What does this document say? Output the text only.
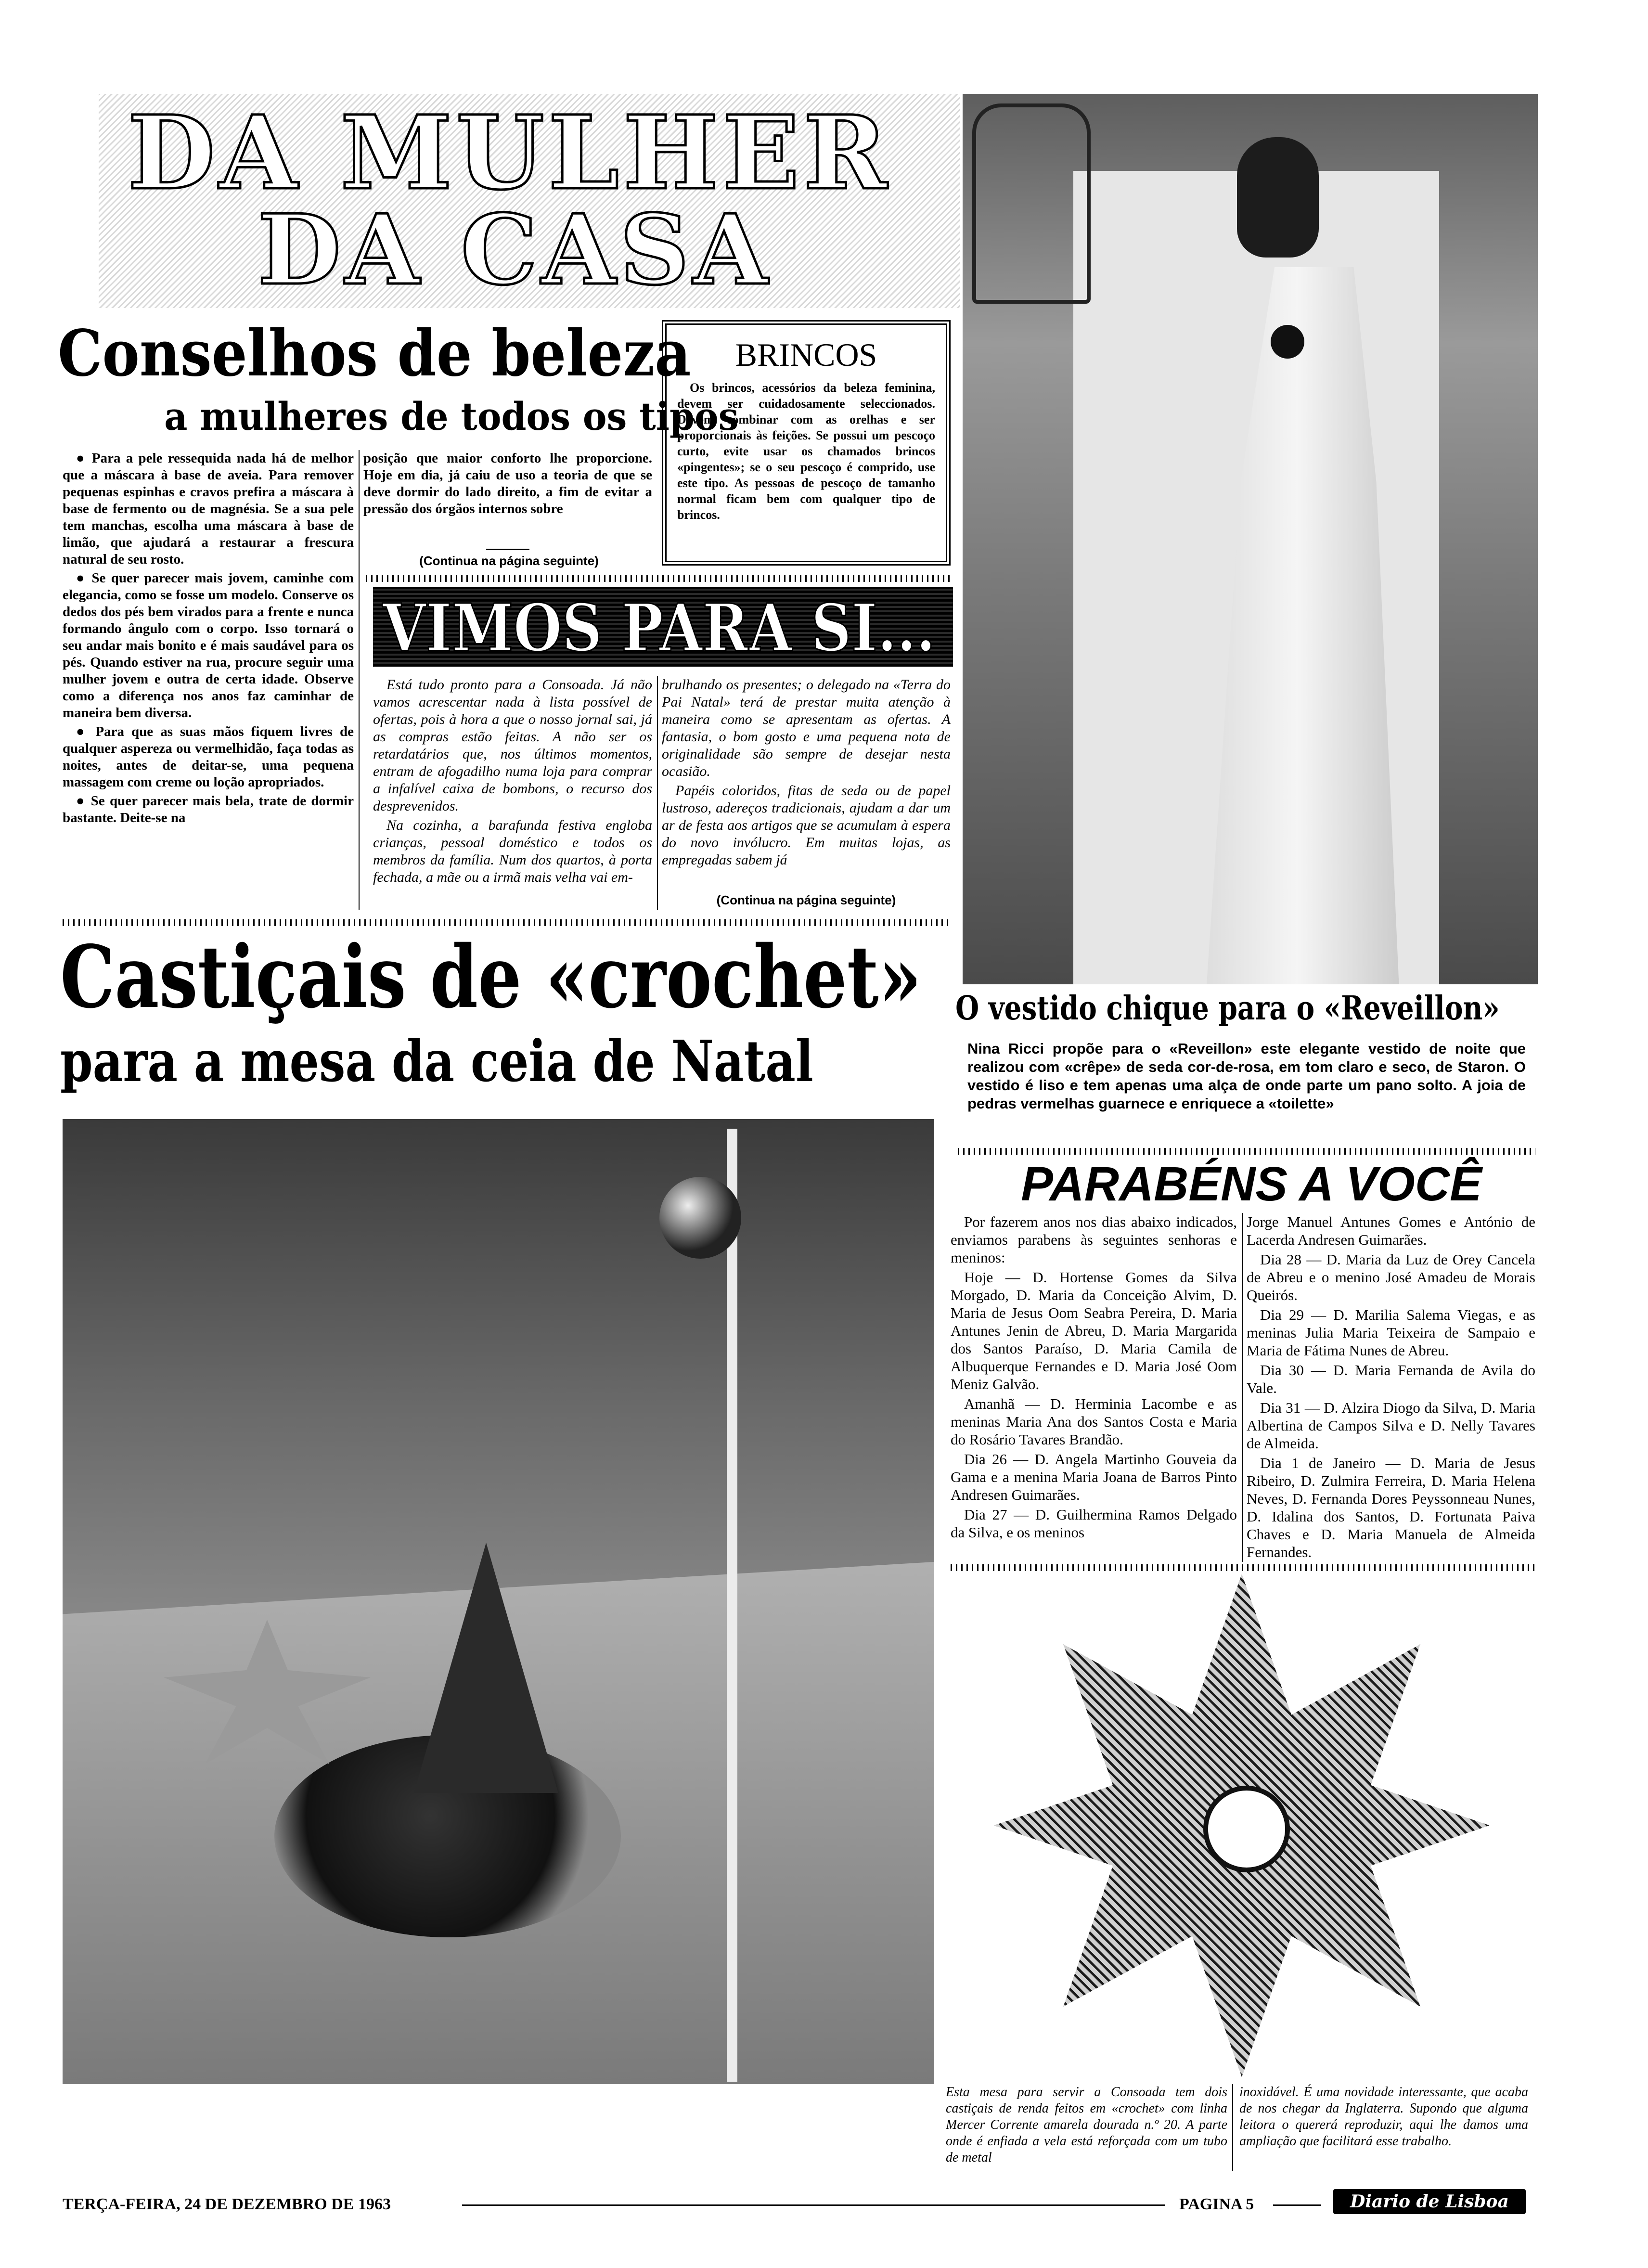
DA MULHER
DA CASA
Conselhos de beleza
a mulheres de todos os tipos

● Para a pele ressequida nada há de melhor que a máscara à base de aveia. Para remover pequenas espinhas e cravos prefira a máscara à base de fermento ou de magnésia. Se a sua pele tem manchas, escolha uma máscara à base de limão, que ajudará a restaurar a frescura natural de seu rosto.

● Se quer parecer mais jovem, caminhe com elegancia, como se fosse um modelo. Conserve os dedos dos pés bem virados para a frente e nunca formando ângulo com o corpo. Isso tornará o seu andar mais bonito e é mais saudável para os pés. Quando estiver na rua, procure seguir uma mulher jovem e outra de certa idade. Observe como a diferença nos anos faz caminhar de maneira bem diversa.

● Para que as suas mãos fiquem livres de qualquer aspereza ou vermelhidão, faça todas as noites, antes de deitar-se, uma pequena massagem com creme ou loção apropriados.

● Se quer parecer mais bela, trate de dormir bastante. Deite-se na

posição que maior conforto lhe proporcione. Hoje em dia, já caiu de uso a teoria de que se deve dormir do lado direito, a fim de evitar a pressão dos órgãos internos sobre

(Continua na página seguinte)
BRINCOS
Os brincos, acessórios da beleza feminina, devem ser cuidadosamente seleccionados. Devem combinar com as orelhas e ser proporcionais às feições. Se possui um pescoço curto, evite usar os chamados brincos «pingentes»; se o seu pescoço é comprido, use este tipo. As pessoas de pescoço de tamanho normal ficam bem com qualquer tipo de brincos.
VIMOS PARA SI...

Está tudo pronto para a Consoada. Já não vamos acrescentar nada à lista possível de ofertas, pois à hora a que o nosso jornal sai, já as compras estão feitas. A não ser os retardatários que, nos últimos momentos, entram de afogadilho numa loja para comprar a infalível caixa de bombons, o recurso dos desprevenidos.

Na cozinha, a barafunda festiva engloba crianças, pessoal doméstico e todos os membros da família. Num dos quartos, à porta fechada, a mãe ou a irmã mais velha vai em-

brulhando os presentes; o delegado na «Terra do Pai Natal» terá de prestar muita atenção à maneira como se apresentam as ofertas. A fantasia, o bom gosto e uma pequena nota de originalidade são sempre de desejar nesta ocasião.

Papéis coloridos, fitas de seda ou de papel lustroso, adereços tradicionais, ajudam a dar um ar de festa aos artigos que se acumulam à espera do novo invólucro. Em muitas lojas, as empregadas sabem já

(Continua na página seguinte)
O vestido chique para o «Reveillon»
Nina Ricci propõe para o «Reveillon» este elegante vestido de noite que realizou com «crêpe» de seda cor-de-rosa, em tom claro e seco, de Staron. O vestido é liso e tem apenas uma alça de onde parte um pano solto. A joia de pedras vermelhas guarnece e enriquece a «toilette»
Castiçais de «crochet»
para a mesa da ceia de Natal
Esta mesa para servir a Consoada tem dois castiçais de renda feitos em «crochet» com linha Mercer Corrente amarela dourada n.º 20. A parte onde é enfiada a vela está reforçada com um tubo de metal
inoxidável. É uma novidade interessante, que acaba de nos chegar da Inglaterra. Supondo que alguma leitora o quererá reproduzir, aqui lhe damos uma ampliação que facilitará esse trabalho.
PARABÉNS A VOCÊ

Por fazerem anos nos dias abaixo indicados, enviamos parabens às seguintes senhoras e meninos:

Hoje — D. Hortense Gomes da Silva Morgado, D. Maria da Conceição Alvim, D. Maria de Jesus Oom Seabra Pereira, D. Maria Antunes Jenin de Abreu, D. Maria Margarida dos Santos Paraíso, D. Maria Camila de Albuquerque Fernandes e D. Maria José Oom Meniz Galvão.

Amanhã — D. Herminia Lacombe e as meninas Maria Ana dos Santos Costa e Maria do Rosário Tavares Brandão.

Dia 26 — D. Angela Martinho Gouveia da Gama e a menina Maria Joana de Barros Pinto Andresen Guimarães.

Dia 27 — D. Guilhermina Ramos Delgado da Silva, e os meninos

Jorge Manuel Antunes Gomes e António de Lacerda Andresen Guimarães.

Dia 28 — D. Maria da Luz de Orey Cancela de Abreu e o menino José Amadeu de Morais Queirós.

Dia 29 — D. Marilia Salema Viegas, e as meninas Julia Maria Teixeira de Sampaio e Maria de Fátima Nunes de Abreu.

Dia 30 — D. Maria Fernanda de Avila do Vale.

Dia 31 — D. Alzira Diogo da Silva, D. Maria Albertina de Campos Silva e D. Nelly Tavares de Almeida.

Dia 1 de Janeiro — D. Maria de Jesus Ribeiro, D. Zulmira Ferreira, D. Maria Helena Neves, D. Fernanda Dores Peyssonneau Nunes, D. Idalina dos Santos, D. Fortunata Paiva Chaves e D. Maria Manuela de Almeida Fernandes.

TERÇA-FEIRA, 24 DE DEZEMBRO DE 1963	PAGINA 5	Diario de Lisboa
